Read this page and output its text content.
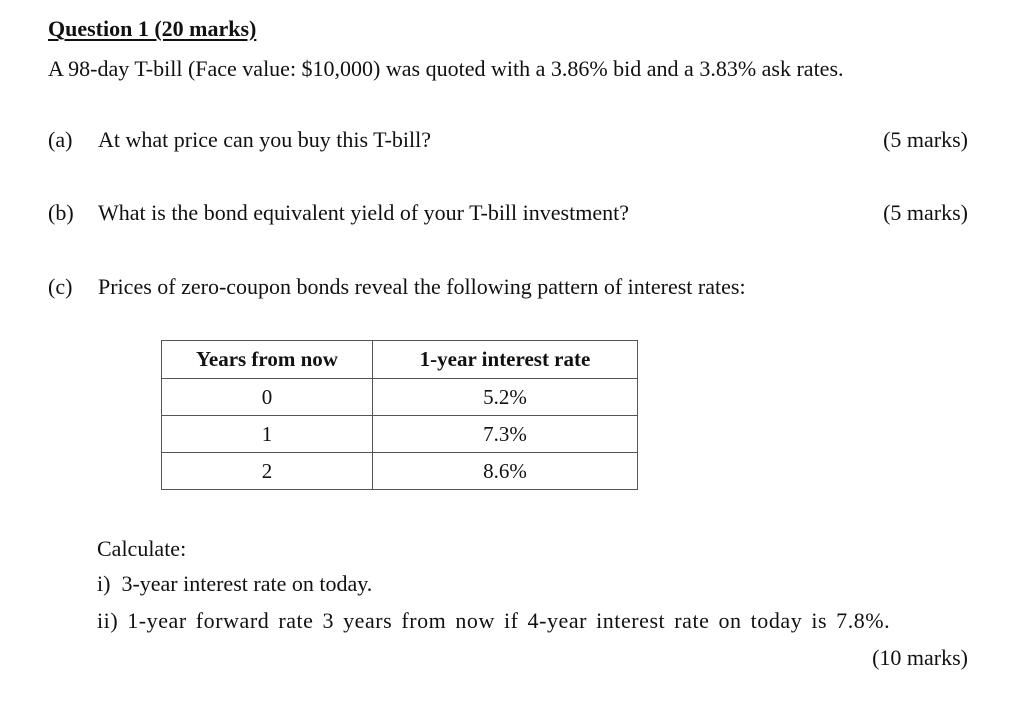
Question 1 (20 marks)
A 98-day T-bill (Face value: $10,000) was quoted with a 3.86% bid and a 3.83% ask rates.
(a) At what price can you buy this T-bill?	(5 marks)
(b) What is the bond equivalent yield of your T-bill investment?	(5 marks)
(c) Prices of zero-coupon bonds reveal the following pattern of interest rates:
Years from now	1-year interest rate
0	5.2%
1	7.3%
2	8.6%
Calculate:
i)  3-year interest rate on today.
ii) 1-year forward rate 3 years from now if 4-year interest rate on today is 7.8%.
(10 marks)
